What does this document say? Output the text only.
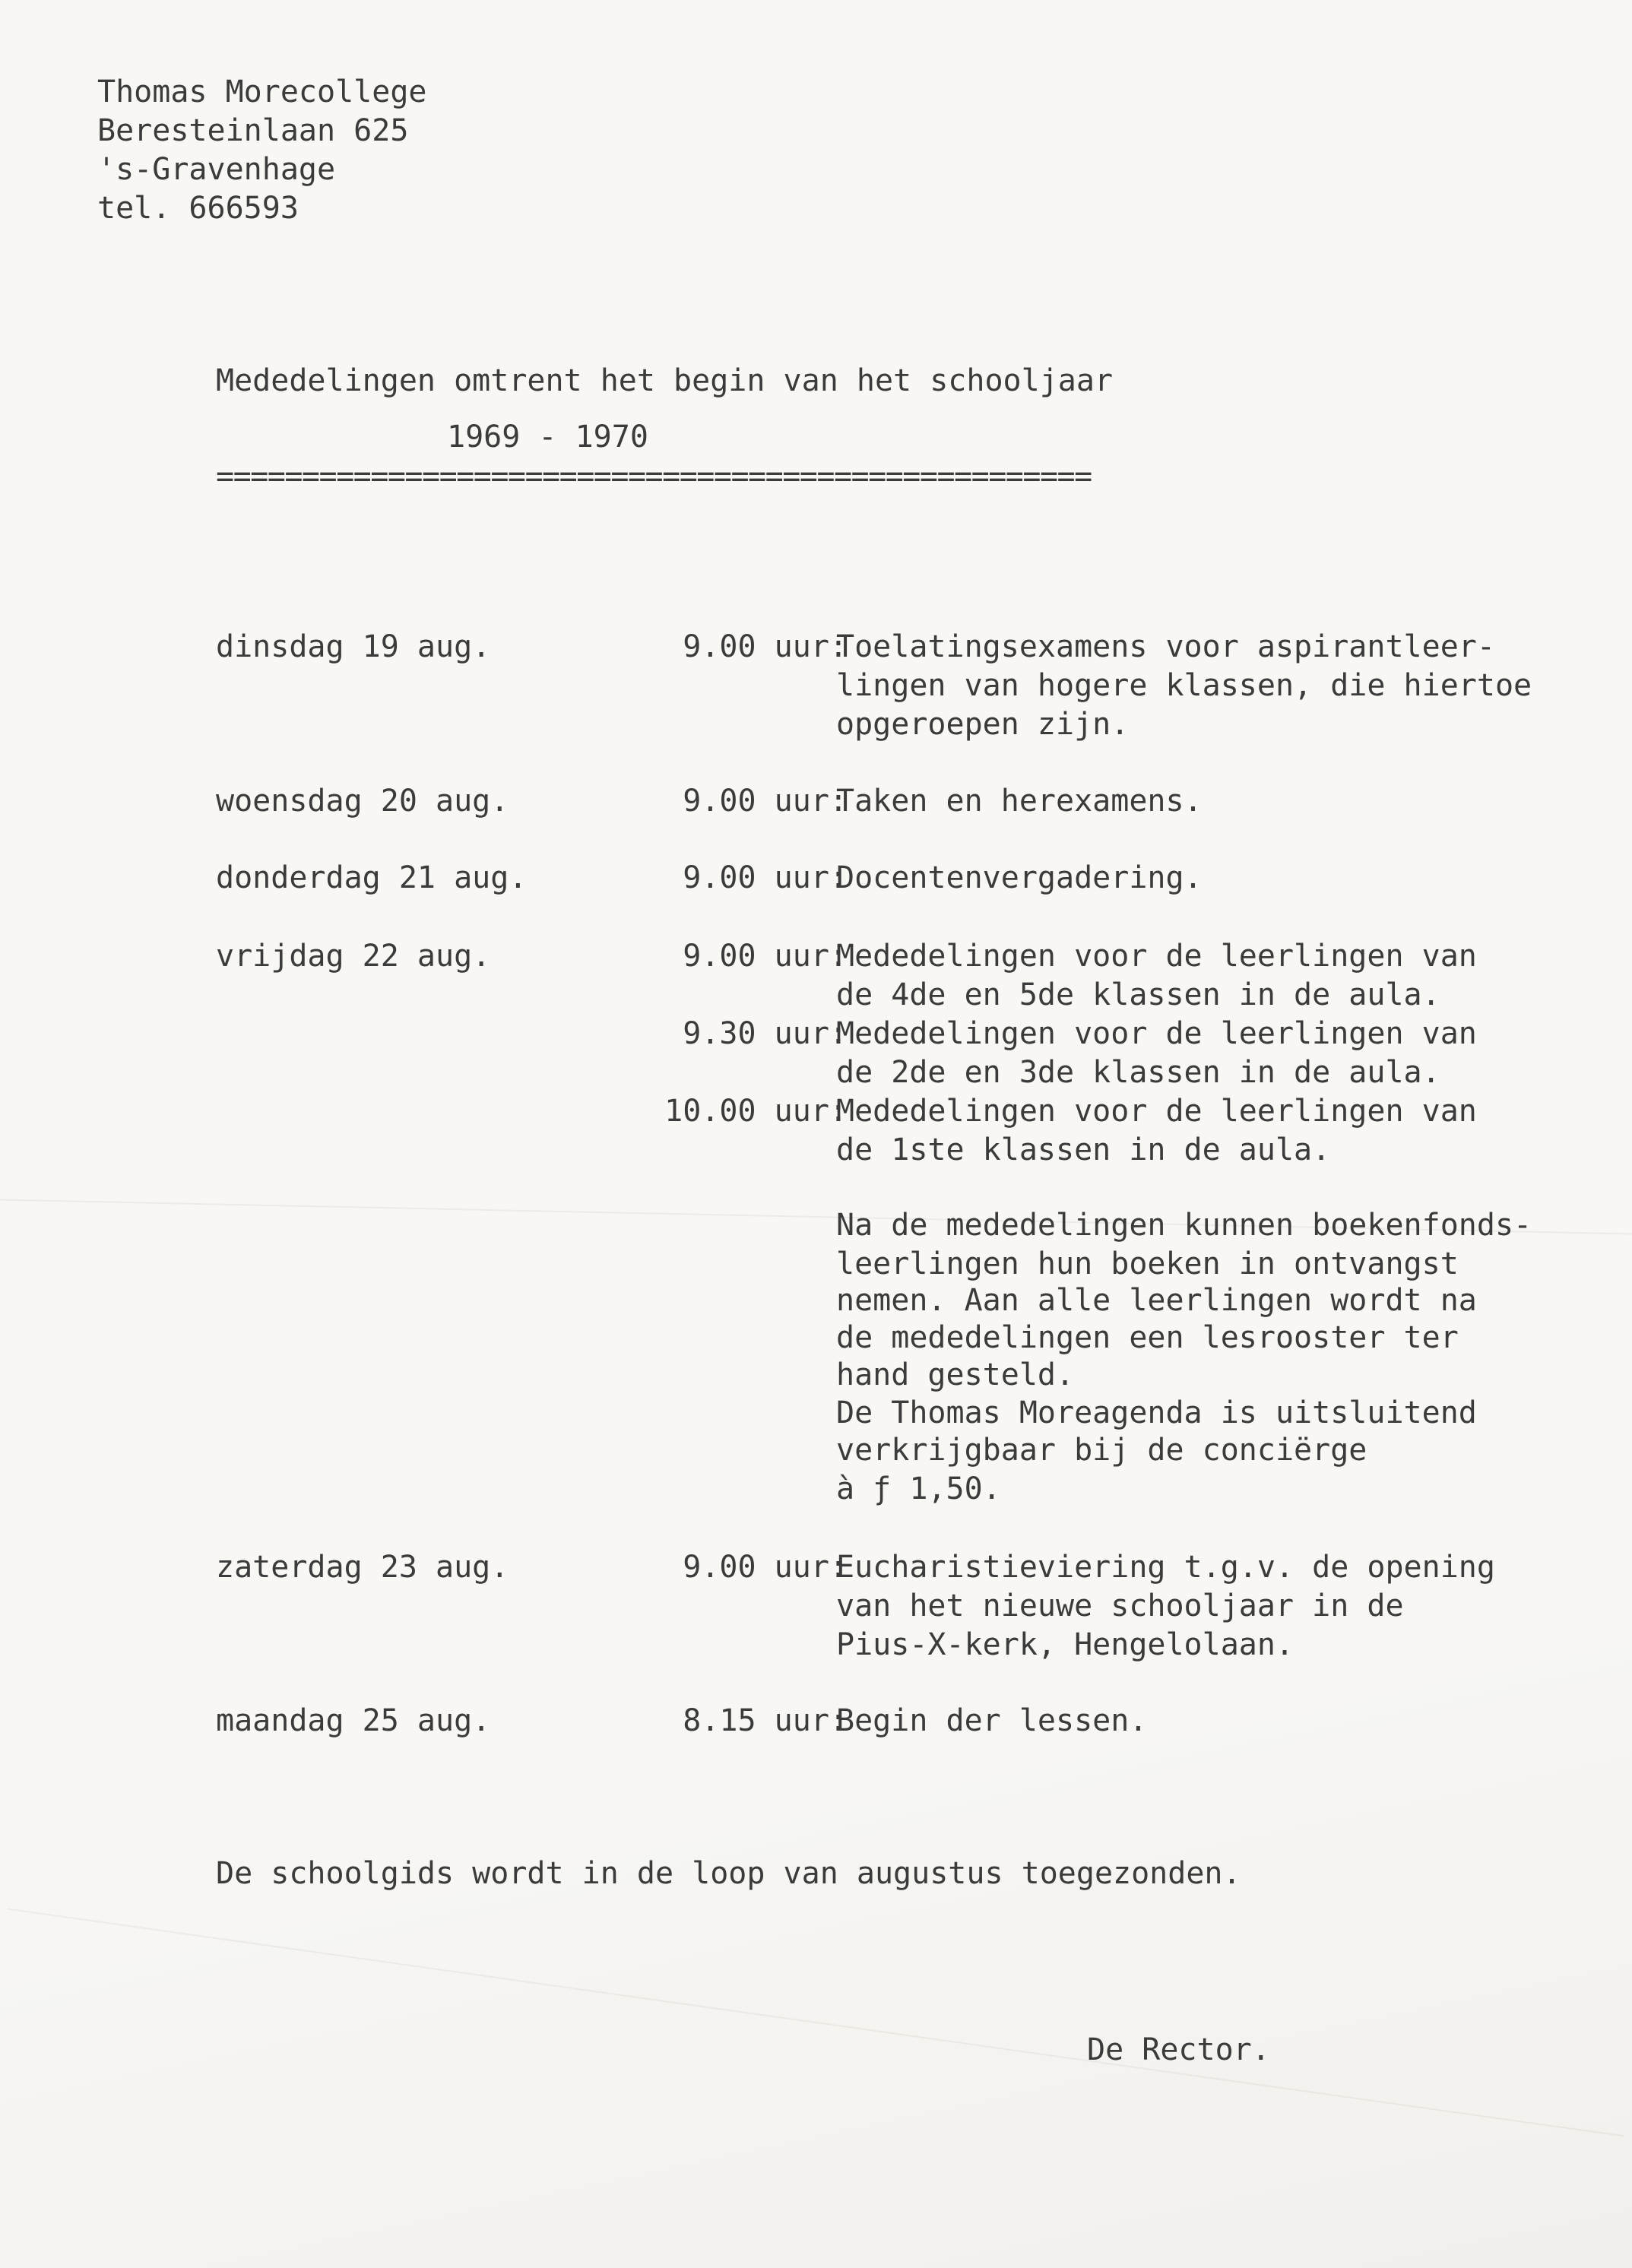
Thomas Morecollege
Beresteinlaan 625
's-Gravenhage
tel. 666593
Mededelingen omtrent het begin van het schooljaar
1969 - 1970
===================================================
dinsdag 19 aug.	9.00 uur:
Toelatingsexamens voor aspirantleer-
lingen van hogere klassen, die hiertoe
opgeroepen zijn.
woensdag 20 aug.	9.00 uur:
Taken en herexamens.
donderdag 21 aug.	9.00 uur:
Docentenvergadering.
vrijdag 22 aug.	9.00 uur:
Mededelingen voor de leerlingen van
de 4de en 5de klassen in de aula.
9.30 uur:
Mededelingen voor de leerlingen van
de 2de en 3de klassen in de aula.
10.00 uur:
Mededelingen voor de leerlingen van
de 1ste klassen in de aula.
Na de mededelingen kunnen boekenfonds-
leerlingen hun boeken in ontvangst
nemen. Aan alle leerlingen wordt na
de mededelingen een lesrooster ter
hand gesteld.
De Thomas Moreagenda is uitsluitend
verkrijgbaar bij de conciërge
à ƒ 1,50.
zaterdag 23 aug.	9.00 uur:
Eucharistieviering t.g.v. de opening
van het nieuwe schooljaar in de
Pius-X-kerk, Hengelolaan.
maandag 25 aug.	8.15 uur:
Begin der lessen.
De schoolgids wordt in de loop van augustus toegezonden.
De Rector.
